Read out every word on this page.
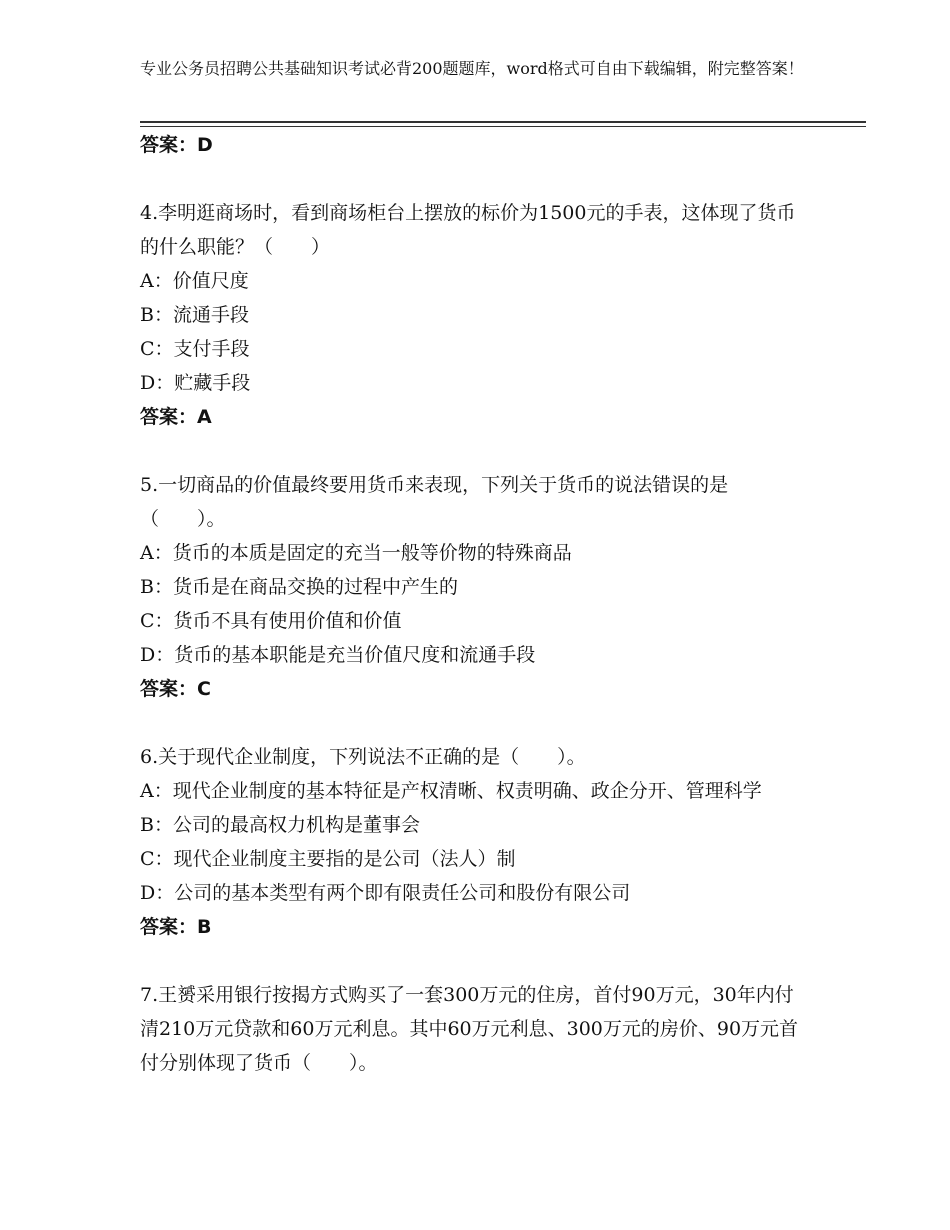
专业公务员招聘公共基础知识考试必背200题题库，word格式可自由下载编辑，附完整答案！
答案：D
4.李明逛商场时，看到商场柜台上摆放的标价为1500元的手表，这体现了货币的什么职能？（　　）
A：价值尺度
B：流通手段
C：支付手段
D：贮藏手段
答案：A
5.一切商品的价值最终要用货币来表现，下列关于货币的说法错误的是（　　）。
A：货币的本质是固定的充当一般等价物的特殊商品
B：货币是在商品交换的过程中产生的
C：货币不具有使用价值和价值
D：货币的基本职能是充当价值尺度和流通手段
答案：C
6.关于现代企业制度，下列说法不正确的是（　　）。
A：现代企业制度的基本特征是产权清晰、权责明确、政企分开、管理科学
B：公司的最高权力机构是董事会
C：现代企业制度主要指的是公司（法人）制
D：公司的基本类型有两个即有限责任公司和股份有限公司
答案：B
7.王赟采用银行按揭方式购买了一套300万元的住房，首付90万元，30年内付清210万元贷款和60万元利息。其中60万元利息、300万元的房价、90万元首付分别体现了货币（　　）。
